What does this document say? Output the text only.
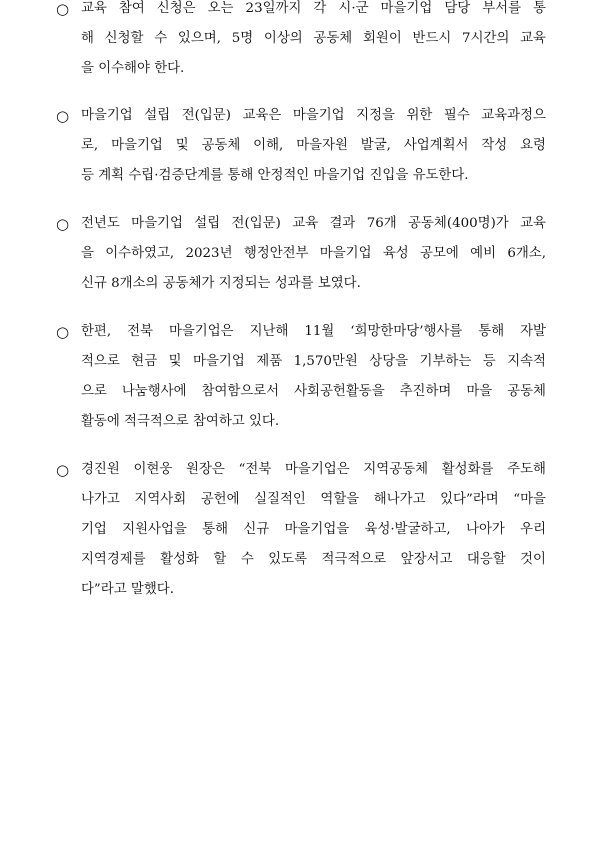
○ 교육 참여 신청은 오는 23일까지 각 시·군 마을기업 담당 부서를 통
해 신청할 수 있으며, 5명 이상의 공동체 회원이 반드시 7시간의 교육
을 이수해야 한다.
○ 마을기업 설립 전(입문) 교육은 마을기업 지정을 위한 필수 교육과정으
로, 마을기업 및 공동체 이해, 마을자원 발굴, 사업계획서 작성 요령
등 계획 수립·검증단계를 통해 안정적인 마을기업 진입을 유도한다.
○ 전년도 마을기업 설립 전(입문) 교육 결과 76개 공동체(400명)가 교육
을 이수하였고, 2023년 행정안전부 마을기업 육성 공모에 예비 6개소,
신규 8개소의 공동체가 지정되는 성과를 보였다.
○ 한편, 전북 마을기업은 지난해 11월 ‘희망한마당’행사를 통해 자발
적으로 현금 및 마을기업 제품 1,570만원 상당을 기부하는 등 지속적
으로 나눔행사에 참여함으로서 사회공헌활동을 추진하며 마을 공동체
활동에 적극적으로 참여하고 있다.
○ 경진원 이현웅 원장은 “전북 마을기업은 지역공동체 활성화를 주도해
나가고 지역사회 공헌에 실질적인 역할을 해나가고 있다”라며 “마을
기업 지원사업을 통해 신규 마을기업을 육성·발굴하고, 나아가 우리
지역경제를 활성화 할 수 있도록 적극적으로 앞장서고 대응할 것이
다”라고 말했다.
